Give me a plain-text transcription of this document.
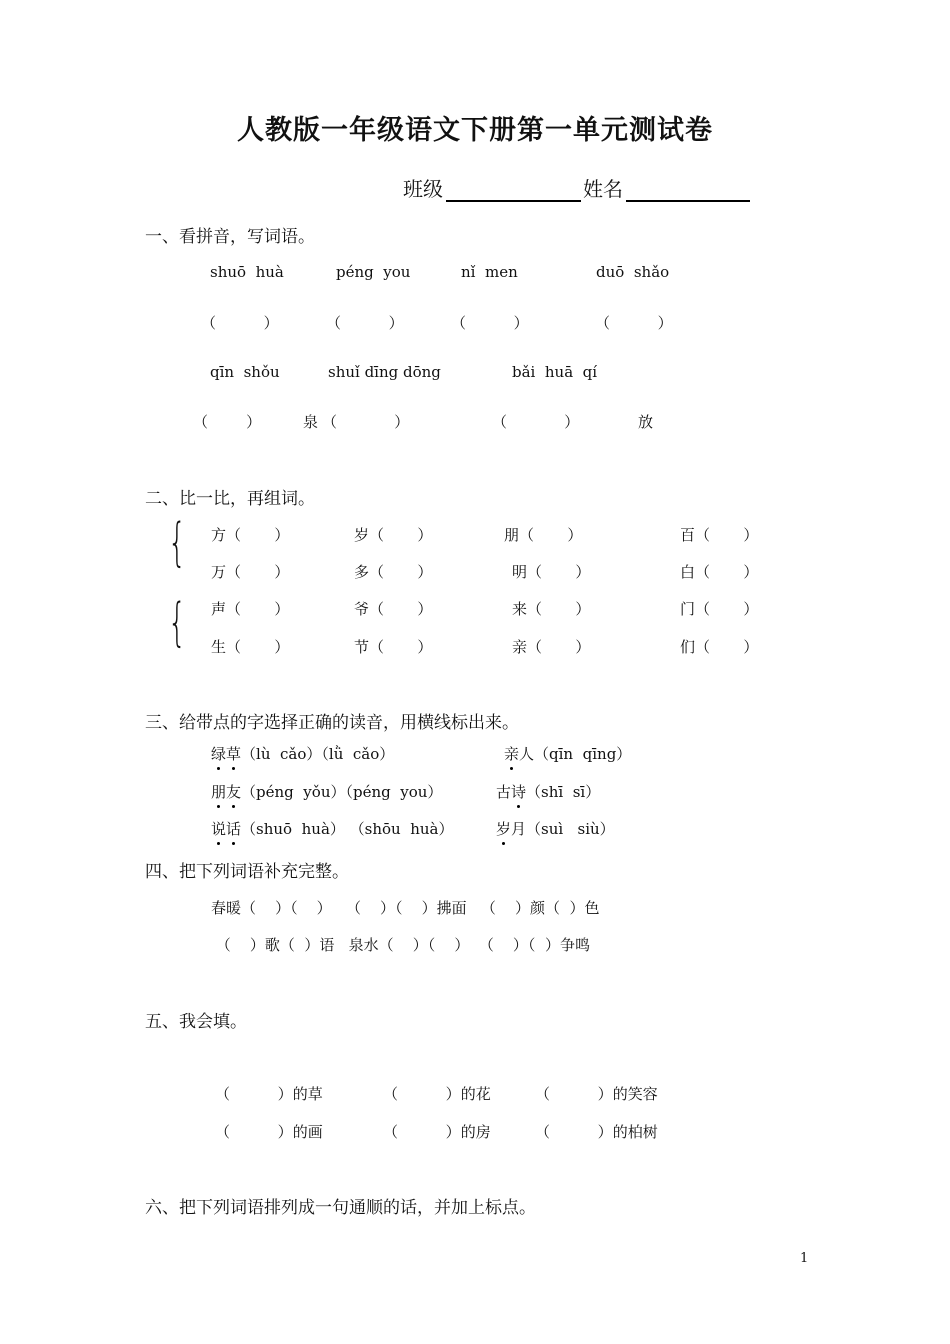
人教版一年级语文下册第一单元测试卷
班级	姓名
一、看拼音，写词语。
shuō  huà	péng  you	nǐ  men	duō  shǎo
（          ）	（          ）	（          ）	（          ）
qīn  shǒu	shuǐ dīng dōng	bǎi  huā  qí
（        ）	泉 （            ）	（            ）	放
二、比一比，再组词。
{
{
方（       ）	岁（       ）	朋（       ）	百（       ）
万（       ）	多（       ）	明（       ）	白（       ）
声（       ）	爷（       ）	来（       ）	门（       ）
生（       ）	节（       ）	亲（       ）	们（       ）
三、给带点的字选择正确的读音，用横线标出来。
绿草（lù  cǎo）（lǜ  cǎo）	亲人（qīn  qīng）
朋友（péng  yǒu）（péng  you）	古诗（shī  sī）
说话（shuō  huà） （shōu  huà）	岁月（suì   siù）
四、把下列词语补充完整。
春暖（    ）（    ）   （    ）（    ）拂面   （    ）颜（  ）色
（    ）歌（  ）语   泉水（    ）（    ）  （    ）（  ）争鸣
五、我会填。
（          ）的草	（          ）的花	（          ）的笑容
（          ）的画	（          ）的房	（          ）的柏树
六、把下列词语排列成一句通顺的话，并加上标点。
1
